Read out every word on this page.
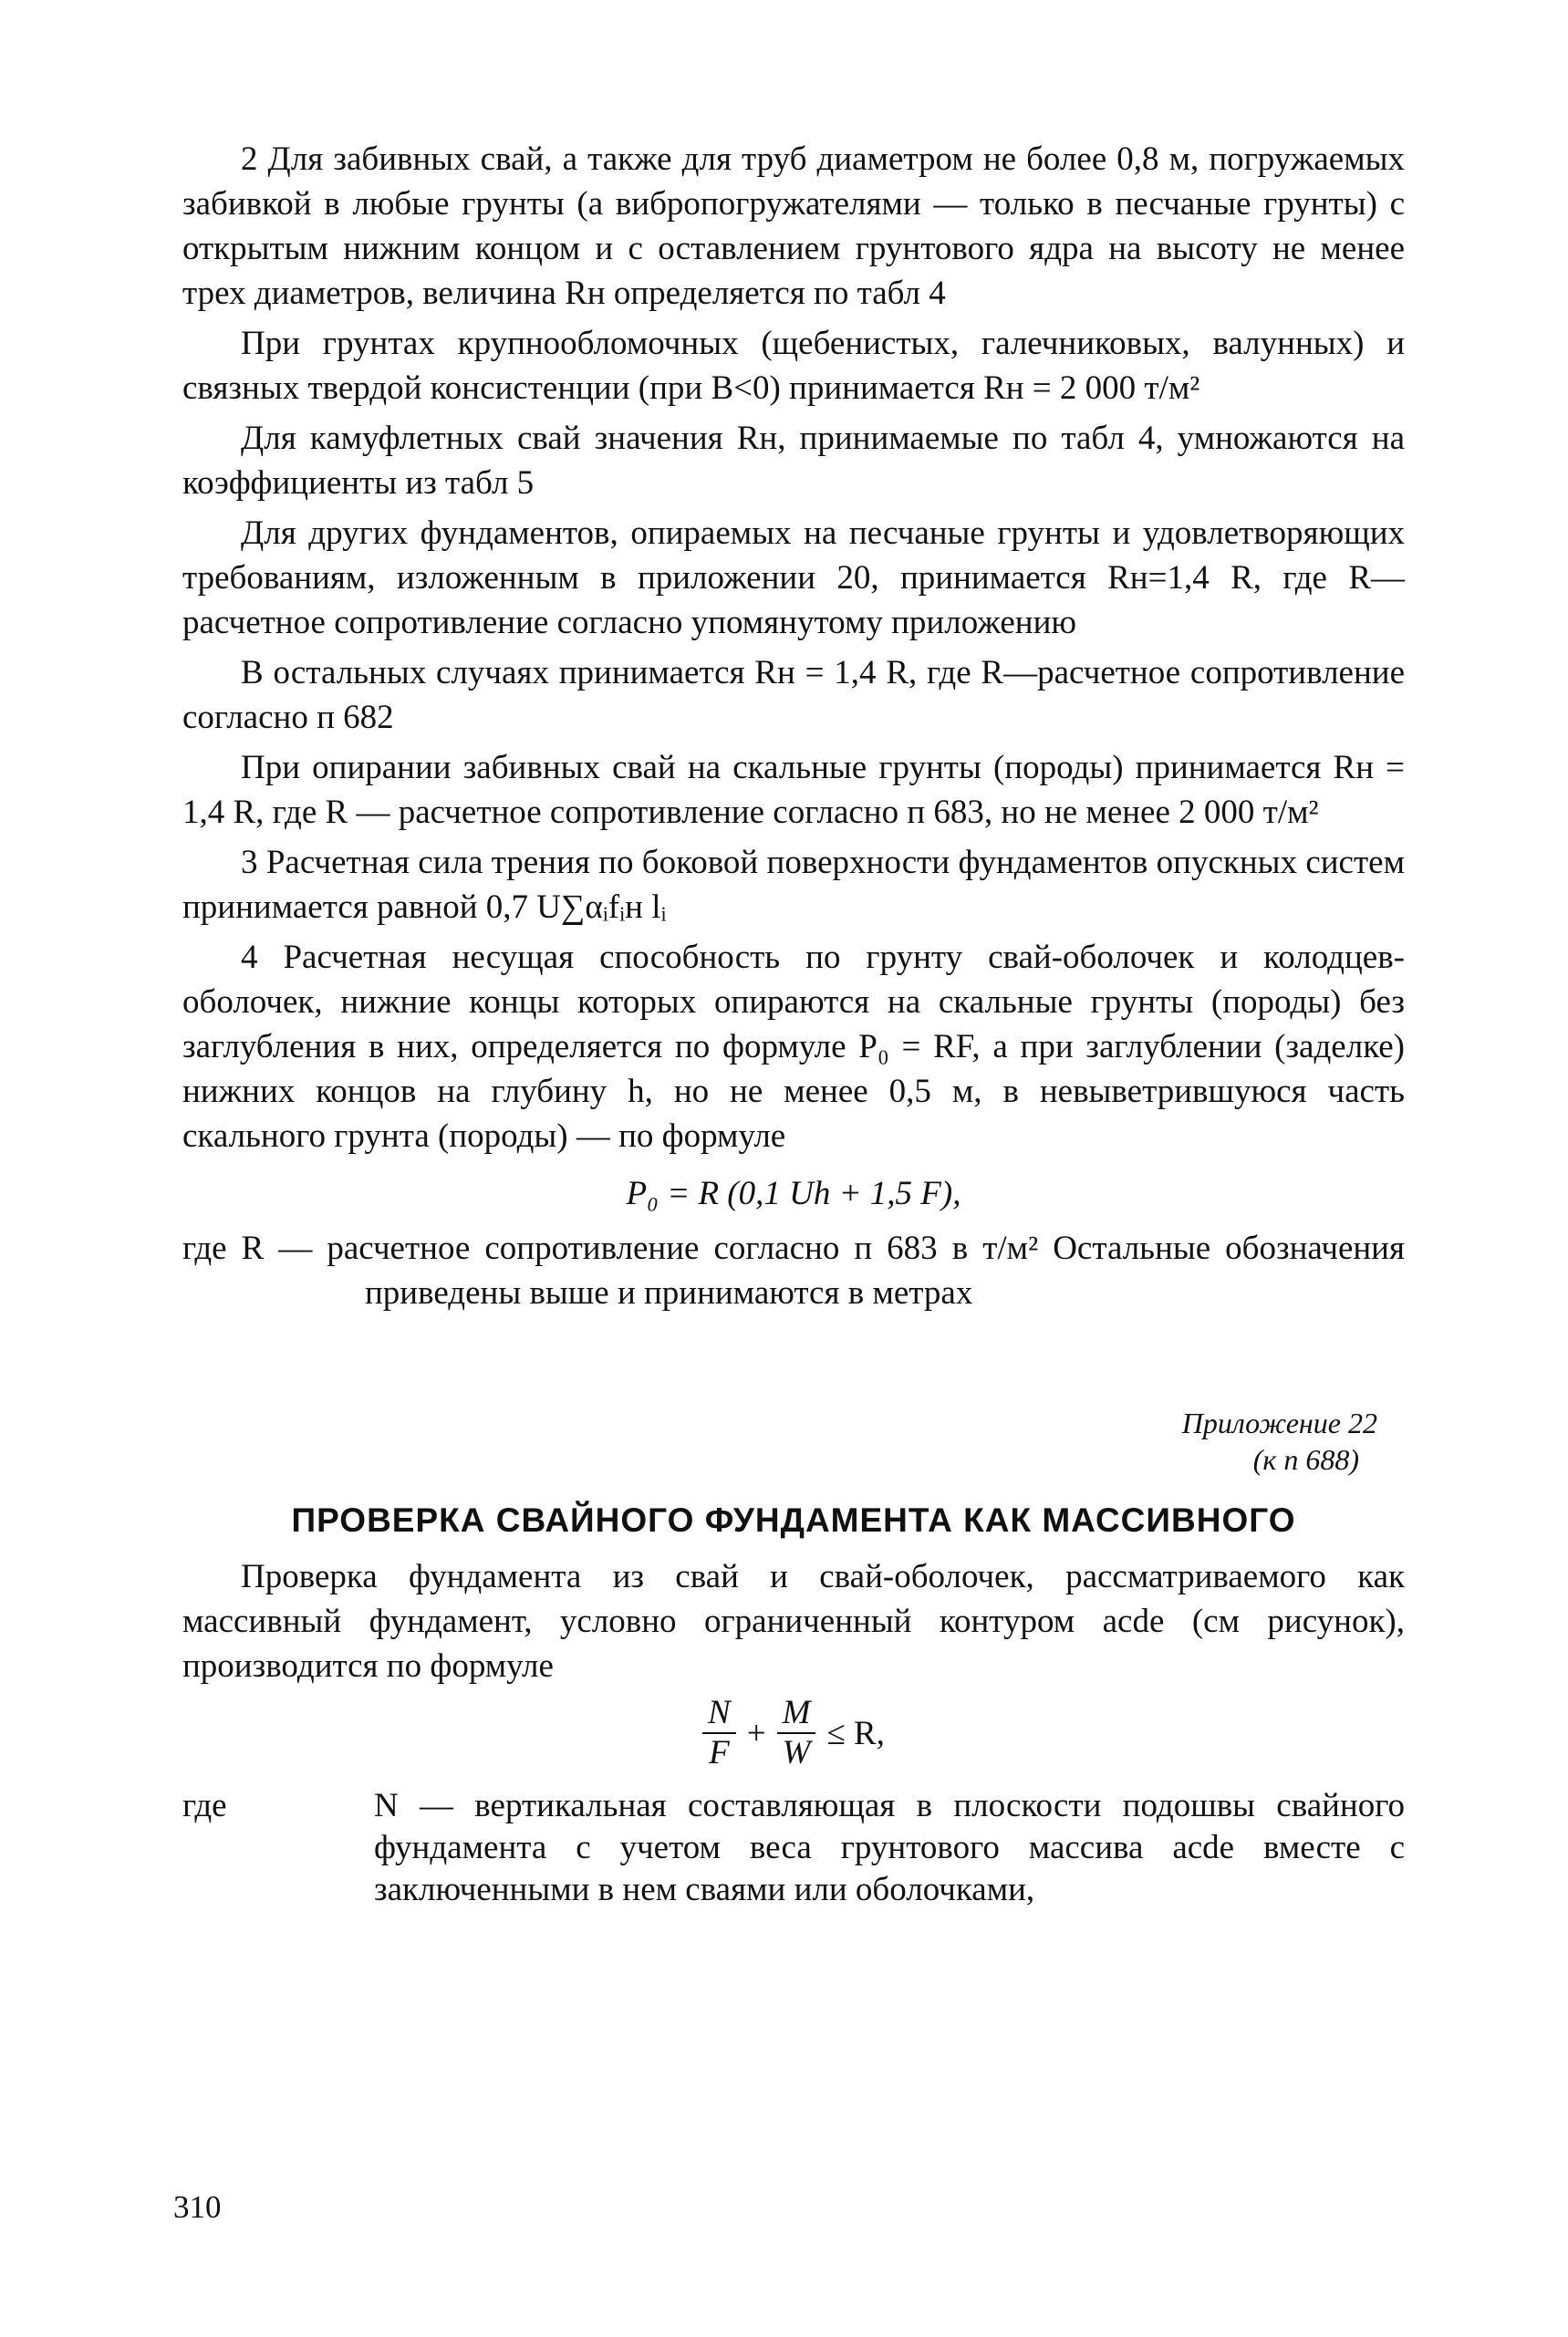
2 Для забивных свай, а также для труб диаметром не более 0,8 м, погружаемых забивкой в любые грунты (а вибропогружателями — только в песчаные грунты) с открытым нижним концом и с оставлением грунтового ядра на высоту не менее трех диаметров, величина Rн определяется по табл 4

При грунтах крупнообломочных (щебенистых, галечниковых, валунных) и связных твердой консистенции (при B<0) принимается Rн = 2 000 т/м²

Для камуфлетных свай значения Rн, принимаемые по табл 4, умножаются на коэффициенты из табл 5

Для других фундаментов, опираемых на песчаные грунты и удовлетворяющих требованиям, изложенным в приложении 20, принимается Rн=1,4 R, где R—расчетное сопротивление согласно упомянутому приложению

В остальных случаях принимается Rн = 1,4 R, где R—расчетное сопротивление согласно п 682

При опирании забивных свай на скальные грунты (породы) принимается Rн = 1,4 R, где R — расчетное сопротивление согласно п 683, но не менее 2 000 т/м²

3 Расчетная сила трения по боковой поверхности фундаментов опускных систем принимается равной 0,7 U∑αᵢfᵢн lᵢ

4 Расчетная несущая способность по грунту свай-оболочек и колодцев-оболочек, нижние концы которых опираются на скальные грунты (породы) без заглубления в них, определяется по формуле P₀ = RF, а при заглублении (заделке) нижних концов на глубину h, но не менее 0,5 м, в невыветрившуюся часть скального грунта (породы) — по формуле

P₀ = R (0,1 Uh + 1,5 F),

где R — расчетное сопротивление согласно п 683 в т/м² Остальные обозначения приведены выше и принимаются в метрах

Приложение 22
(к п 688)
ПРОВЕРКА СВАЙНОГО ФУНДАМЕНТА КАК МАССИВНОГО

Проверка фундамента из свай и свай-оболочек, рассматриваемого как массивный фундамент, условно ограниченный контуром acde (см рисунок), производится по формуле

$\frac{N}{F} + \frac{M}{W} \le R$,
где	N — вертикальная составляющая в плоскости подошвы свайного фундамента с учетом веса грунтового массива acde вместе с заключенными в нем сваями или оболочками,
310
